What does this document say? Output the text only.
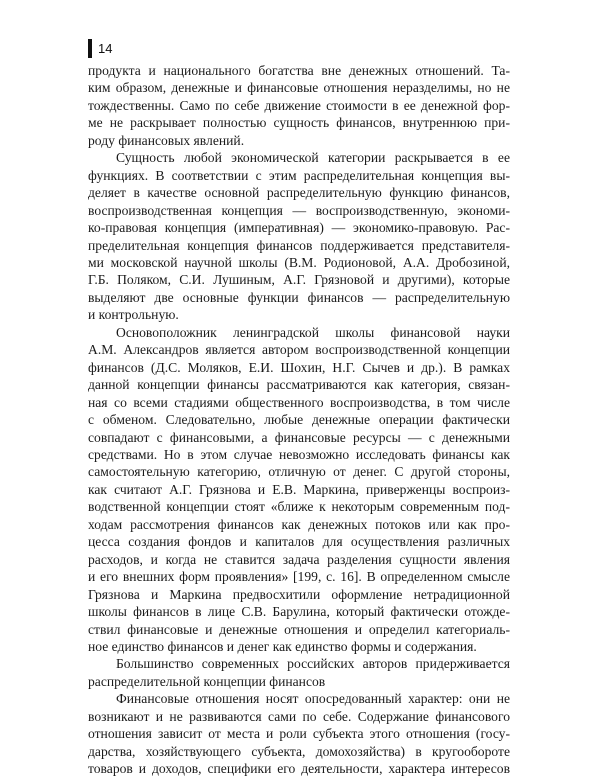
14

продукта и национального богатства вне денежных отношений. Та-
ким образом, денежные и финансовые отношения неразделимы, но не
тождественны. Само по себе движение стоимости в ее денежной фор-
ме не раскрывает полностью сущность финансов, внутреннюю при-
роду финансовых явлений.

Сущность любой экономической категории раскрывается в ее
функциях. В соответствии с этим распределительная концепция вы-
деляет в качестве основной распределительную функцию финансов,
воспроизводственная концепция — воспроизводственную, экономи-
ко-правовая концепция (императивная) — экономико-правовую. Рас-
пределительная концепция финансов поддерживается представителя-
ми московской научной школы (В.М. Родионовой, А.А. Дробозиной,
Г.Б. Поляком, С.И. Лушиным, А.Г. Грязновой и другими), которые
выделяют две основные функции финансов — распределительную
и контрольную.

Основоположник ленинградской школы финансовой науки
А.М. Александров является автором воспроизводственной концепции
финансов (Д.С. Моляков, Е.И. Шохин, Н.Г. Сычев и др.). В рамках
данной концепции финансы рассматриваются как категория, связан-
ная со всеми стадиями общественного воспроизводства, в том числе
с обменом. Следовательно, любые денежные операции фактически
совпадают с финансовыми, а финансовые ресурсы — с денежными
средствами. Но в этом случае невозможно исследовать финансы как
самостоятельную категорию, отличную от денег. С другой стороны,
как считают А.Г. Грязнова и Е.В. Маркина, приверженцы воспроиз-
водственной концепции стоят «ближе к некоторым современным под-
ходам рассмотрения финансов как денежных потоков или как про-
цесса создания фондов и капиталов для осуществления различных
расходов, и когда не ставится задача разделения сущности явления
и его внешних форм проявления» [199, с. 16]. В определенном смысле
Грязнова и Маркина предвосхитили оформление нетрадиционной
школы финансов в лице С.В. Барулина, который фактически отожде-
ствил финансовые и денежные отношения и определил категориаль-
ное единство финансов и денег как единство формы и содержания.

Большинство современных российских авторов придерживается
распределительной концепции финансов

Финансовые отношения носят опосредованный характер: они не
возникают и не развиваются сами по себе. Содержание финансового
отношения зависит от места и роли субъекта этого отношения (госу-
дарства, хозяйствующего субъекта, домохозяйства) в кругообороте
товаров и доходов, специфики его деятельности, характера интересов
